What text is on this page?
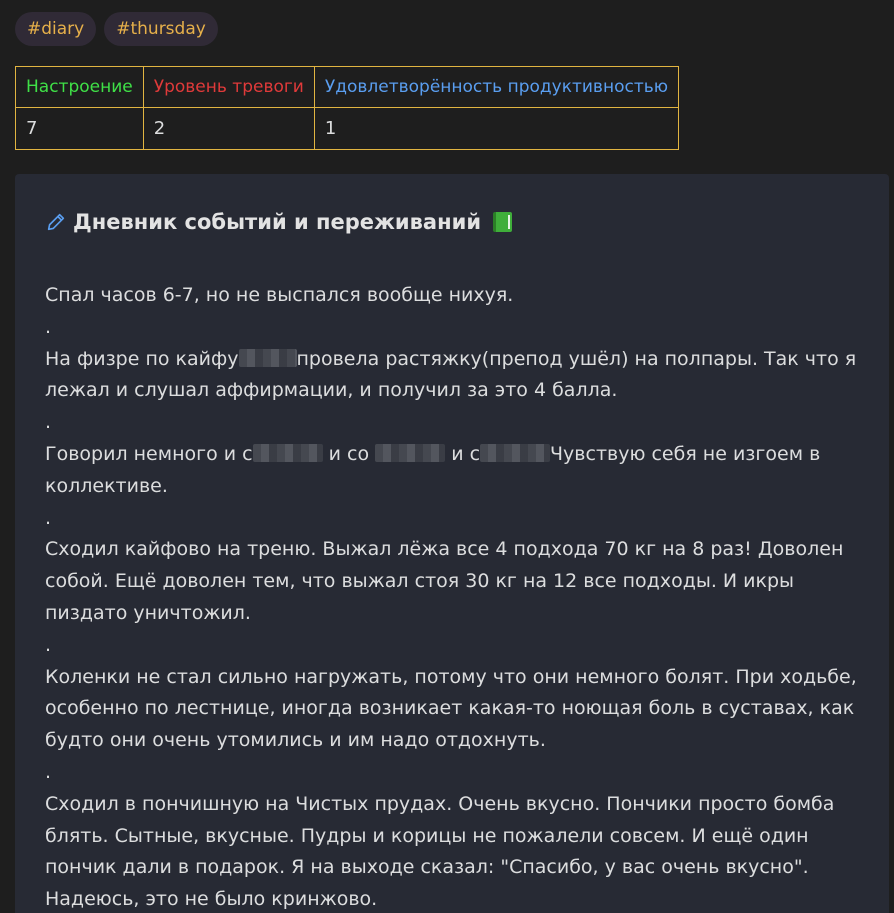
#diary	#thursday
Настроение	Уровень тревоги	Удовлетворённость продуктивностью
7	2	1
Дневник событий и переживаний

Спал часов 6-7, но не выспался вообще нихуя.

.

На физре по кайфу	провела растяжку(препод ушёл) на полпары. Так что я лежал и слушал аффирмации, и получил за это 4 балла.

.

Говорил немного и с	и со	и с	Чувствую себя не изгоем в коллективе.

.

Сходил кайфово на треню. Выжал лёжа все 4 подхода 70 кг на 8 раз! Доволен собой. Ещё доволен тем, что выжал стоя 30 кг на 12 все подходы. И икры пиздато уничтожил.

.

Коленки не стал сильно нагружать, потому что они немного болят. При ходьбе, особенно по лестнице, иногда возникает какая-то ноющая боль в суставах, как будто они очень утомились и им надо отдохнуть.

.

Сходил в пончишную на Чистых прудах. Очень вкусно. Пончики просто бомба блять. Сытные, вкусные. Пудры и корицы не пожалели совсем. И ещё один пончик дали в подарок. Я на выходе сказал: "Спасибо, у вас очень вкусно". Надеюсь, это не было кринжово.
